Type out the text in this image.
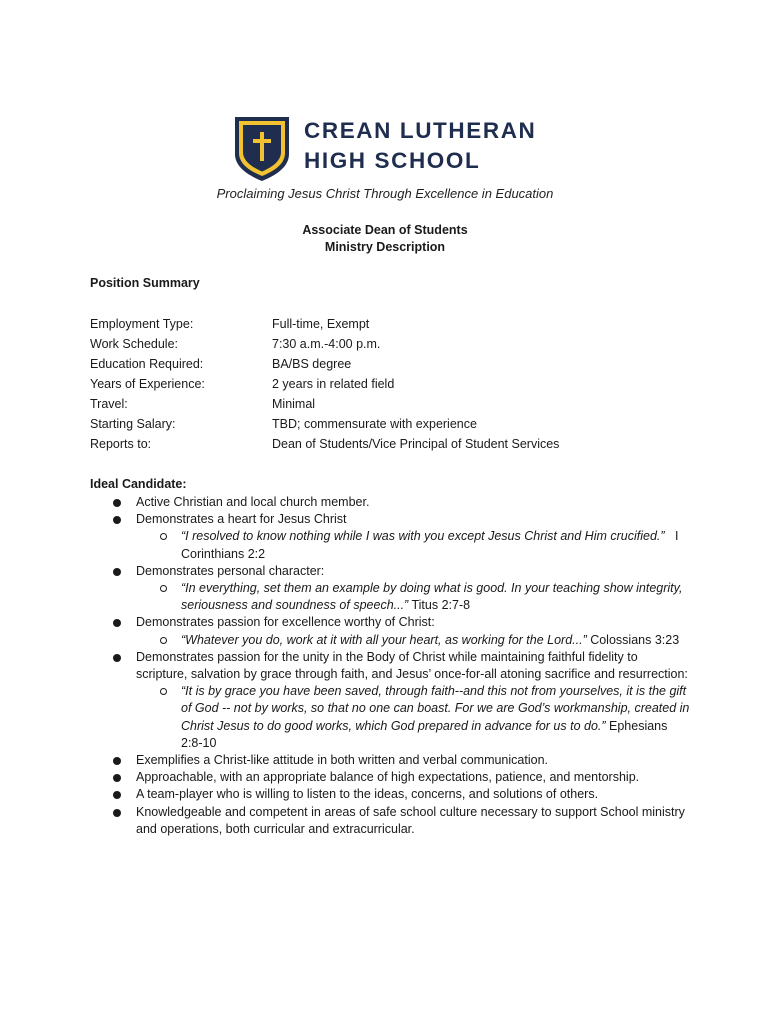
CREAN LUTHERAN
HIGH SCHOOL
Proclaiming Jesus Christ Through Excellence in Education
Associate Dean of Students
Ministry Description
Position Summary
Employment Type:	Full-time, Exempt
Work Schedule:	7:30 a.m.-4:00 p.m.
Education Required:	BA/BS degree
Years of Experience:	2 years in related field
Travel:	Minimal
Starting Salary:	TBD; commensurate with experience
Reports to:	Dean of Students/Vice Principal of Student Services
Ideal Candidate:
Active Christian and local church member.
Demonstrates a heart for Jesus Christ
“I resolved to know nothing while I was with you except Jesus Christ and Him crucified.”   I Corinthians 2:2
Demonstrates personal character:
“In everything, set them an example by doing what is good. In your teaching show integrity, seriousness and soundness of speech...” Titus 2:7-8
Demonstrates passion for excellence worthy of Christ:
“Whatever you do, work at it with all your heart, as working for the Lord...” Colossians 3:23
Demonstrates passion for the unity in the Body of Christ while maintaining faithful fidelity to scripture, salvation by grace through faith, and Jesus’ once-for-all atoning sacrifice and resurrection:
“It is by grace you have been saved, through faith--and this not from yourselves, it is the gift of God -- not by works, so that no one can boast. For we are God’s workmanship, created in Christ Jesus to do good works, which God prepared in advance for us to do.” Ephesians 2:8-10
Exemplifies a Christ-like attitude in both written and verbal communication.
Approachable, with an appropriate balance of high expectations, patience, and mentorship.
A team-player who is willing to listen to the ideas, concerns, and solutions of others.
Knowledgeable and competent in areas of safe school culture necessary to support School ministry and operations, both curricular and extracurricular.
